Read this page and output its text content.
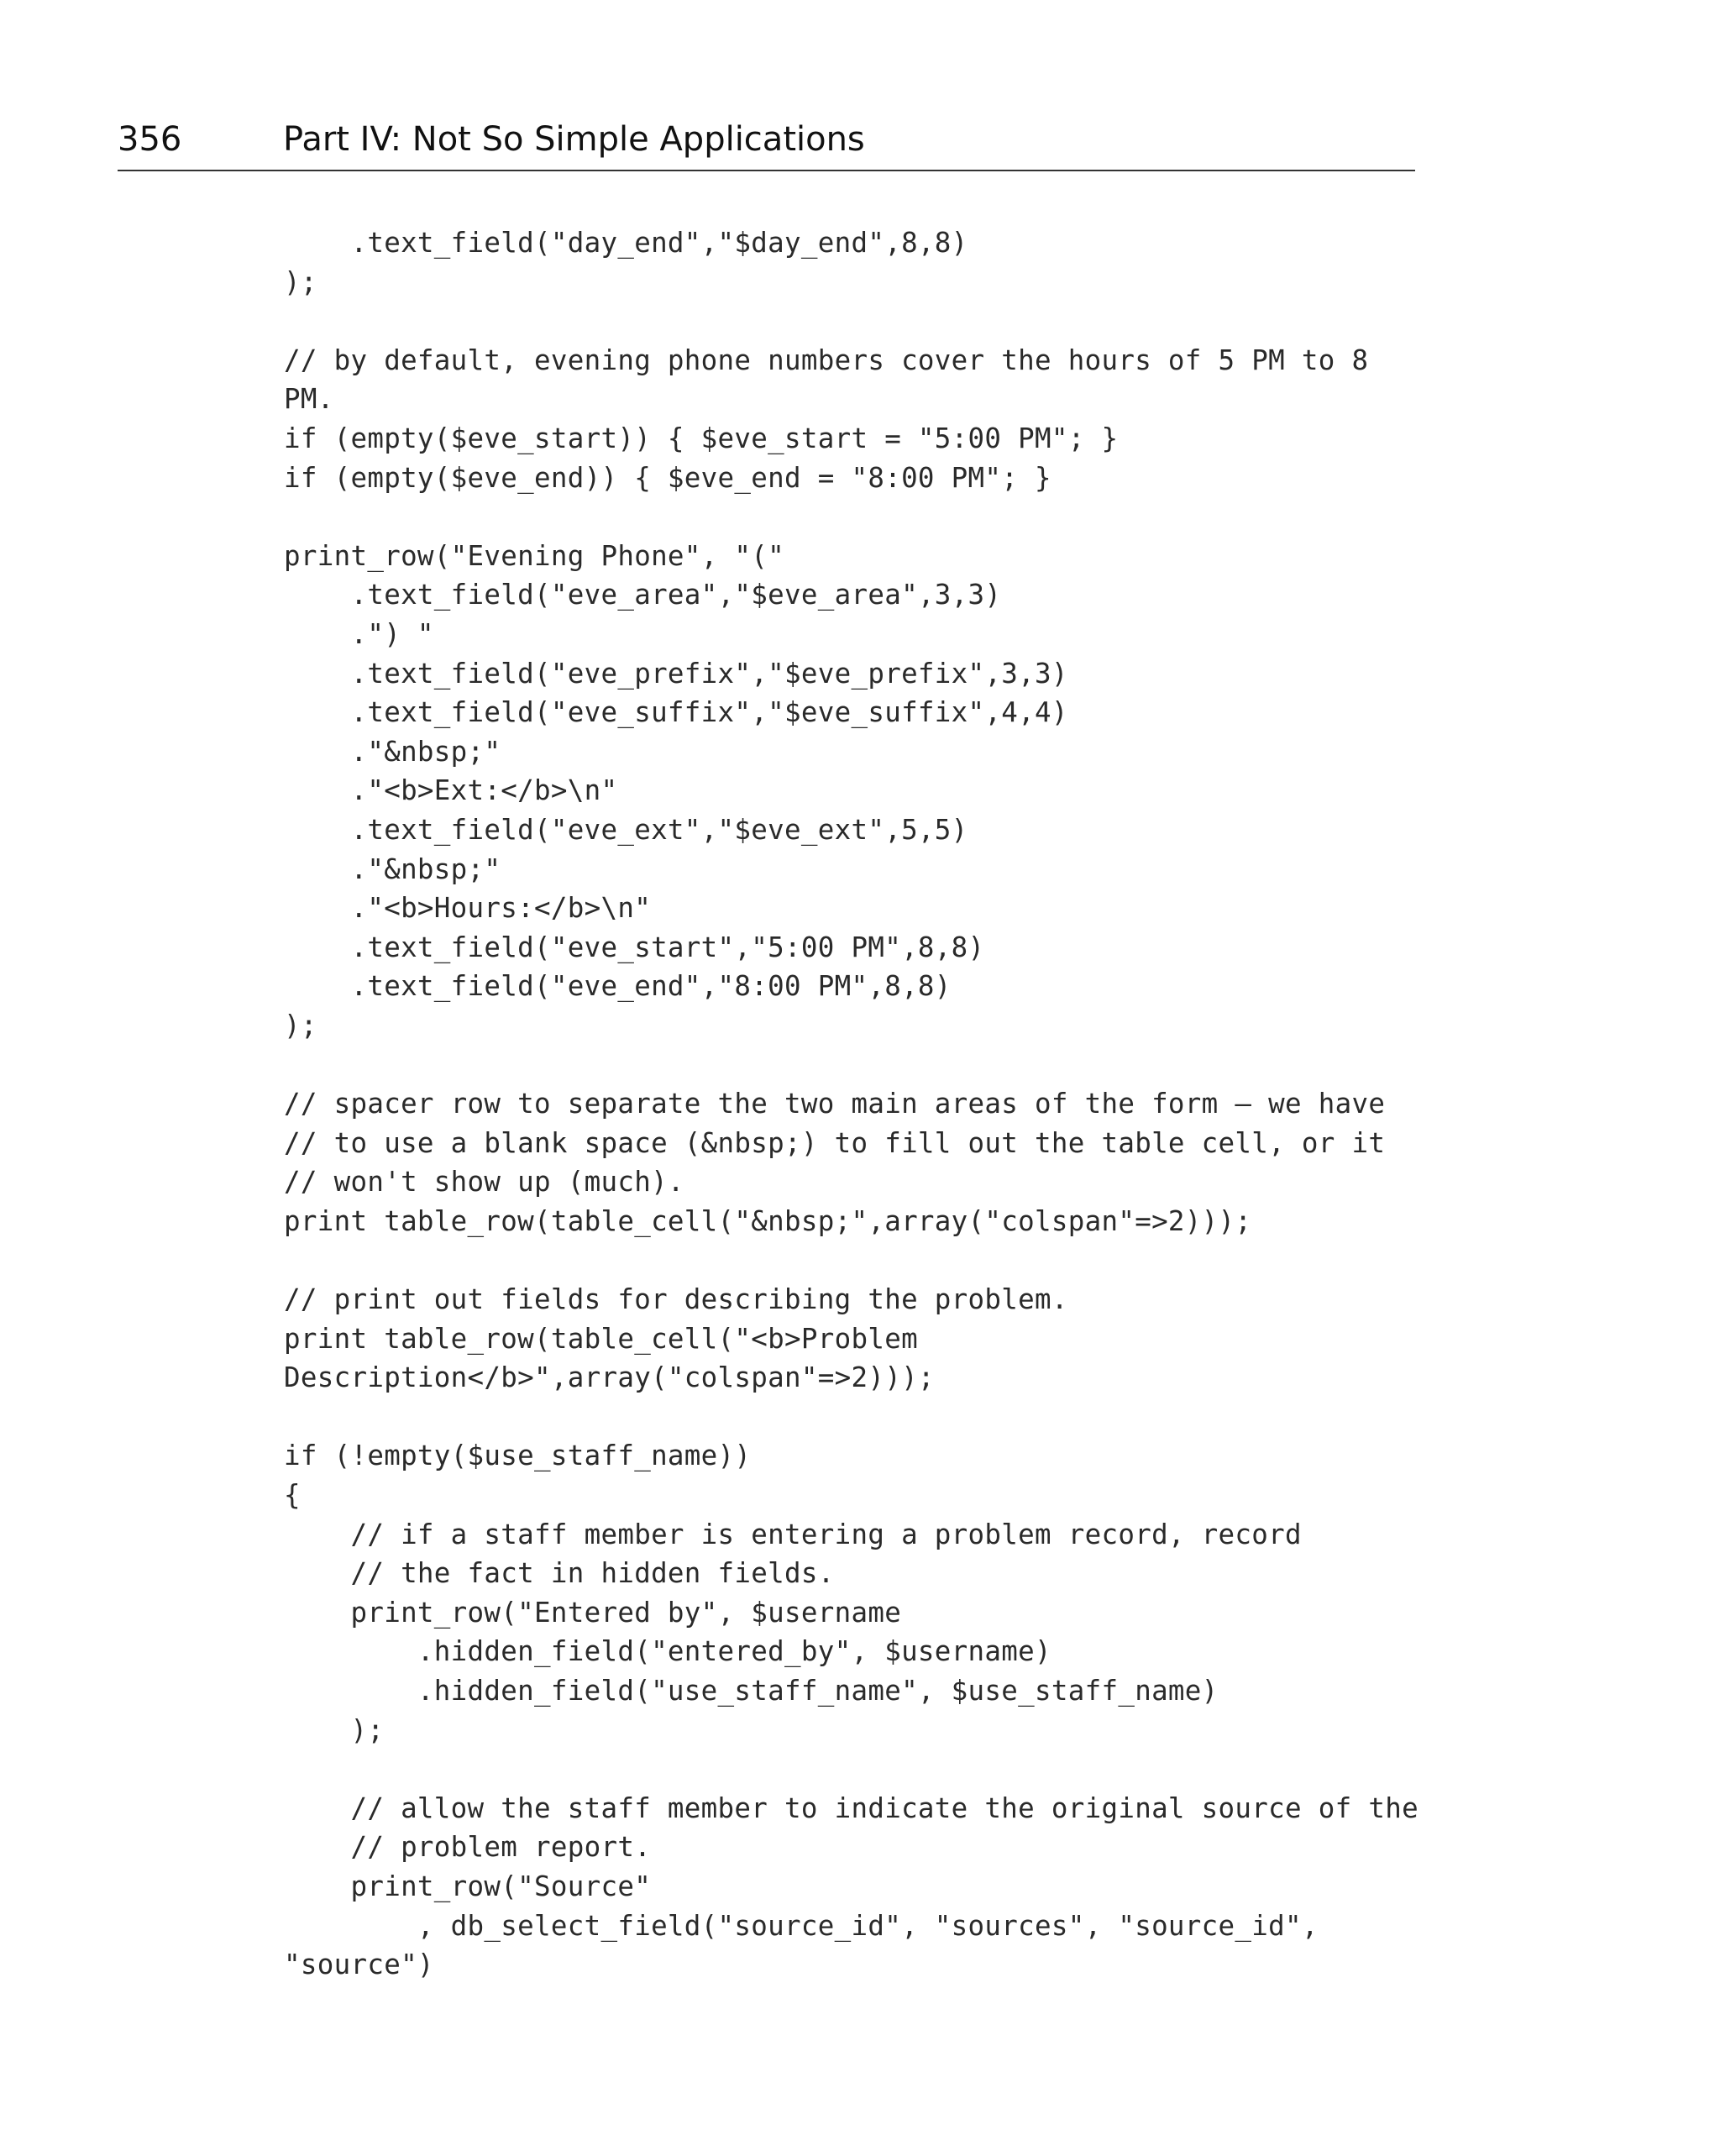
356	Part IV: Not So Simple Applications
.text_field("day_end","$day_end",8,8)
);
// by default, evening phone numbers cover the hours of 5 PM to 8
PM.
if (empty($eve_start)) { $eve_start = "5:00 PM"; }
if (empty($eve_end)) { $eve_end = "8:00 PM"; }
print_row("Evening Phone", "("
.text_field("eve_area","$eve_area",3,3)
.") "
.text_field("eve_prefix","$eve_prefix",3,3)
.text_field("eve_suffix","$eve_suffix",4,4)
."&nbsp;"
."<b>Ext:</b>\n"
.text_field("eve_ext","$eve_ext",5,5)
."&nbsp;"
."<b>Hours:</b>\n"
.text_field("eve_start","5:00 PM",8,8)
.text_field("eve_end","8:00 PM",8,8)
);
// spacer row to separate the two main areas of the form – we have
// to use a blank space (&nbsp;) to fill out the table cell, or it
// won't show up (much).
print table_row(table_cell("&nbsp;",array("colspan"=>2)));
// print out fields for describing the problem.
print table_row(table_cell("<b>Problem
Description</b>",array("colspan"=>2)));
if (!empty($use_staff_name))
{
// if a staff member is entering a problem record, record
// the fact in hidden fields.
print_row("Entered by", $username
.hidden_field("entered_by", $username)
.hidden_field("use_staff_name", $use_staff_name)
);
// allow the staff member to indicate the original source of the
// problem report.
print_row("Source"
, db_select_field("source_id", "sources", "source_id",
"source")
